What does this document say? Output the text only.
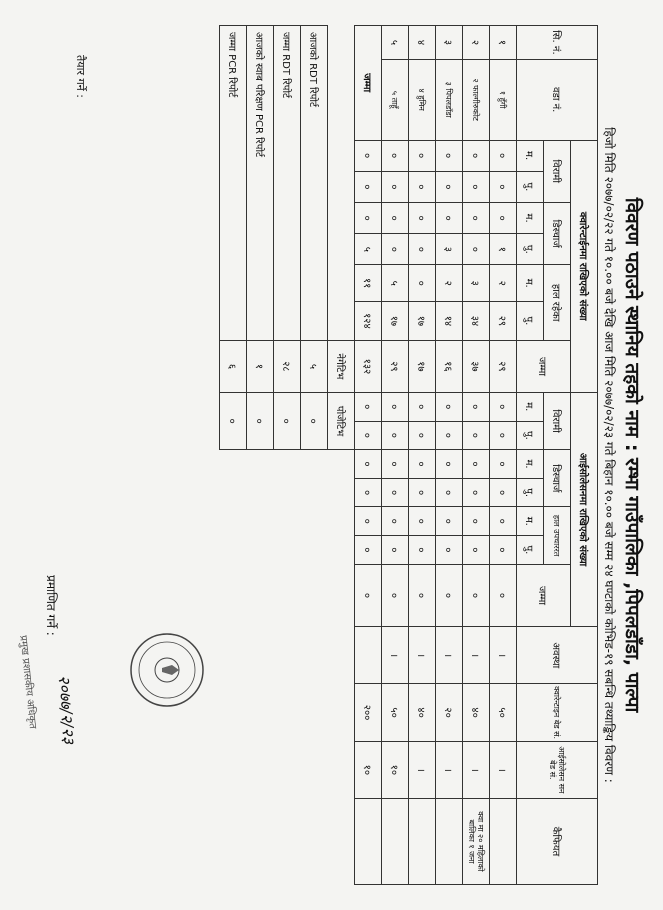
विवरण पठाउने स्थानिय तहको नाम : रम्भा गाउँपालिका ,पिपलडाँडा, पाल्पा
हिजो मिति २०७७/०२/२२ गते १०.०० बजे देखि आज मिति २०७७/०२/२३ गते बिहान १०.०० बजे सम्म २४ घण्टाको कोभिड-१९ सबन्धि तथ्याङ्किय विवरण :
सि. नं.	वडा नं.	क्वारेन्टाईनमा राखिएको संख्या							आईसोलेसनमा राखिएको संख्या							अवस्था	क्वारेन्टाइन बेड सं.	आईसोलेसन सन बेड सं.	कैफियत
		विरामी		डिस्चार्ज		हाल रहेका		जम्मा	विरामी		डिस्चार्ज		हाल उपचाररत		जम्मा				
		म.	पु.	म.	पु.	म.	पु.		म.	पु.	म.	पु.	म.	पु.					
१	१ हुँगी	०	०	०	१	२	२९	२९	०	०	०	०	०	०	०	।	५०	।	
२	२ फाल्गीरुकोट	०	०	०	०	३	३४	३७	०	०	०	०	०	०	०	।	४०	।	क्वा मा २० महिलाको बालिका १ जना
३	३ पिपलडाँडा	०	०	०	३	२	१४	१६	०	०	०	०	०	०	०	।	२०	।	
४	४ हुमिन	०	०	०	०	०	१७	१७	०	०	०	०	०	०	०	।	४०	।	
५	५ ताहूँ	०	०	०	०	५	१७	२९	०	०	०	०	०	०	०	।	५०	१०	
जम्मा		०	०	०	५	११	१२४	१३२	०	०	०	०	०	०	०		२००	१०	
								नेगेटिभ	पोजेटिभ										
आजको RDT रिपोर्ट								५	०										
जम्मा RDT रिपोर्ट								२८	०										
आजको स्वाब परिक्षण PCR रिपोर्ट								१	०										
जम्मा PCR रिपोर्ट								६	०										
तैयार गर्ने :
२०७७/२/२३
प्रमाणित गर्ने :
प्रमुख प्रशासकीय अधिकृत
